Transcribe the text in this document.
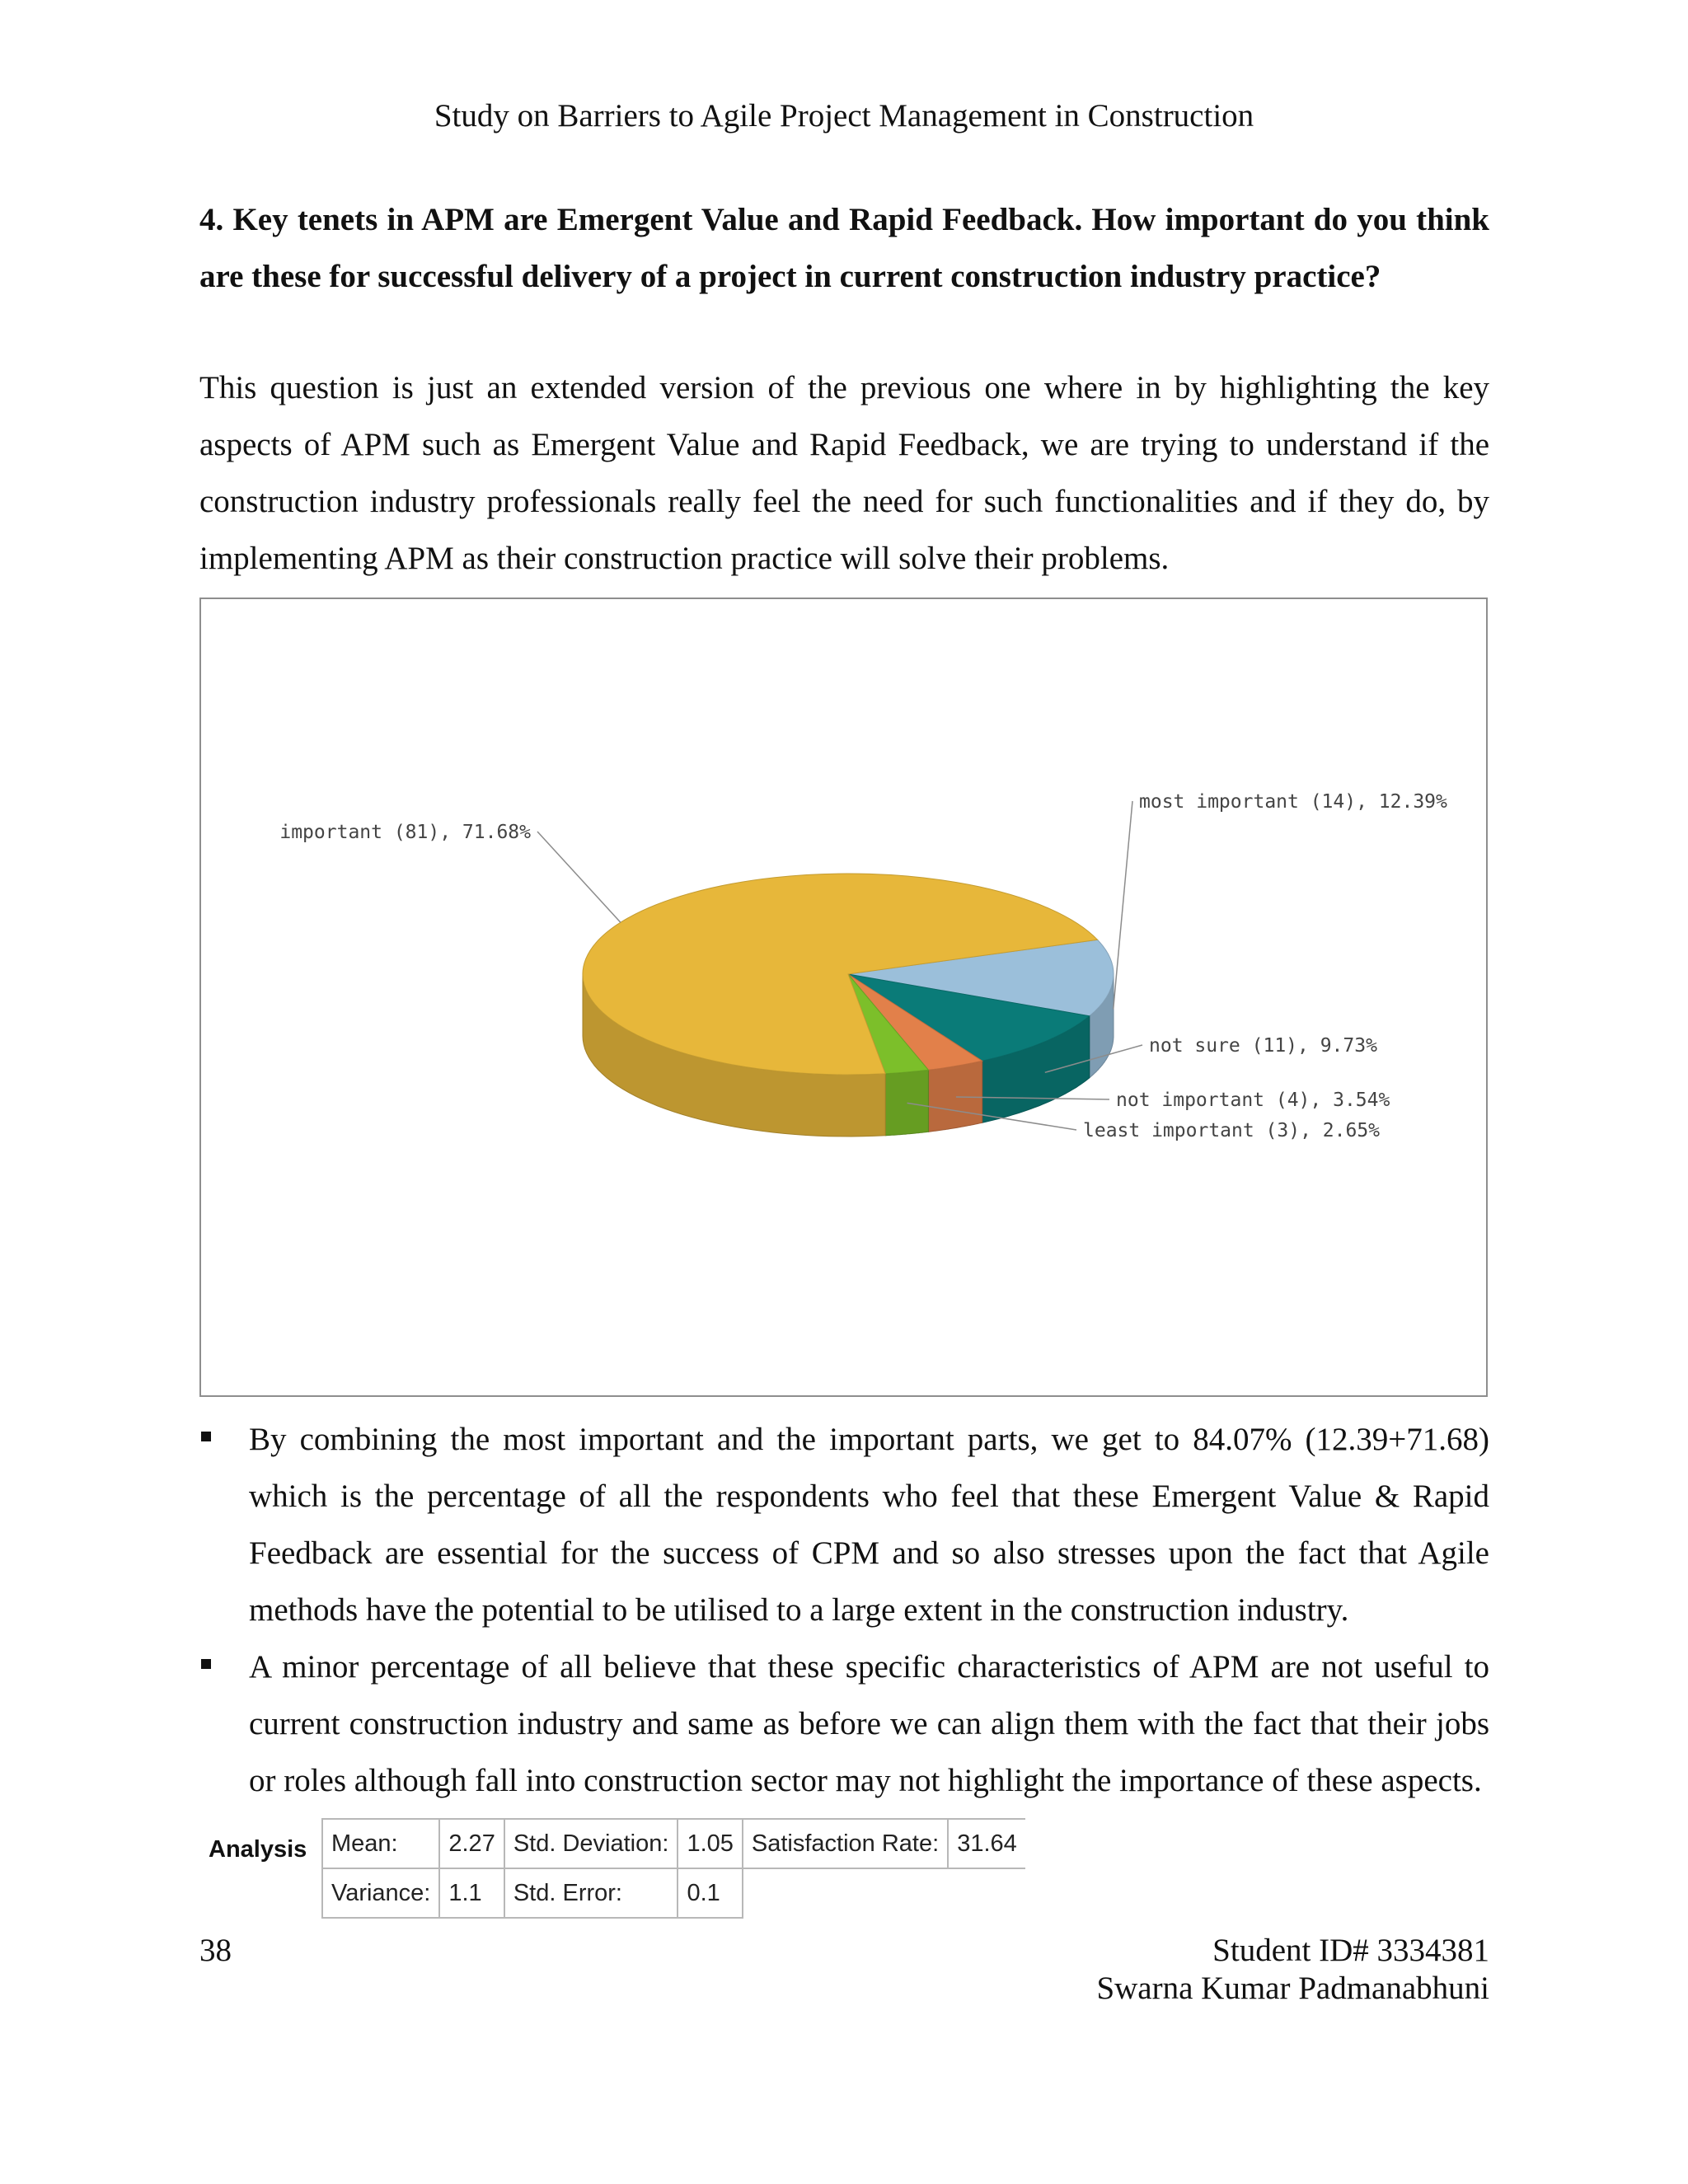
Study on Barriers to Agile Project Management in Construction
4. Key tenets in APM are Emergent Value and Rapid Feedback. How important do you think are these for successful delivery of a project in current construction industry practice?
This question is just an extended version of the previous one where in by highlighting the key aspects of APM such as Emergent Value and Rapid Feedback, we are trying to understand if the construction industry professionals really feel the need for such functionalities and if they do, by implementing APM as their construction practice will solve their problems.
most important (14), 12.39%
not sure (11), 9.73%
not important (4), 3.54%
least important (3), 2.65%
important (81), 71.68%
By combining the most important and the important parts, we get to 84.07% (12.39+71.68) which is the percentage of all the respondents who feel that these Emergent Value & Rapid Feedback are essential for the success of CPM and so also stresses upon the fact that Agile methods have the potential to be utilised to a large extent in the construction industry.
A minor percentage of all believe that these specific characteristics of APM are not useful to current construction industry and same as before we can align them with the fact that their jobs or roles although fall into construction sector may not highlight the importance of these aspects.
Analysis Mean:	2.27	Std. Deviation:	1.05	Satisfaction Rate:	31.64
Variance:	1.1	Std. Error:	0.1		
38	Student ID# 3334381
Swarna Kumar Padmanabhuni
